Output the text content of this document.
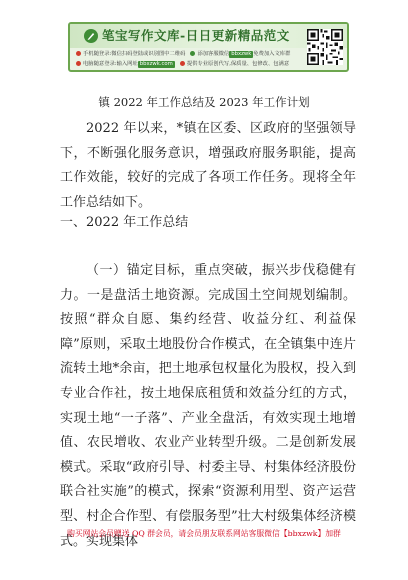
笔宝写作文库-日日更新精品范文
手机随登录:微信扫码登陆或识别图中二维码 添加客服微信 bbxzwk 免费加入文库群
电脑随意登录:输入网址 bbxzwk.com	提供专业原创代写,保质量、包修改、包满意
镇 2022 年工作总结及 2023 年工作计划

2022 年以来，*镇在区委、区政府的坚强领导下，不断强化服务意识，增强政府服务职能，提高工作效能，较好的完成了各项工作任务。现将全年工作总结如下。

一、2022 年工作总结

（一）锚定目标，重点突破，振兴步伐稳健有力。一是盘活土地资源。完成国土空间规划编制。按照“群众自愿、集约经营、收益分红、利益保障”原则，采取土地股份合作模式，在全镇集中连片流转土地*余亩，把土地承包权量化为股权，投入到专业合作社，按土地保底租赁和效益分红的方式，实现土地“一子落”、产业全盘活，有效实现土地增值、农民增收、农业产业转型升级。二是创新发展模式。采取“政府引导、村委主导、村集体经济股份联合社实施”的模式，探索“资源利用型、资产运营型、村企合作型、有偿服务型”壮大村级集体经济模式。实现集体

购买网站会员赠送 QQ 群会员，请会员朋友联系网站客服微信【bbxzwk】加群
